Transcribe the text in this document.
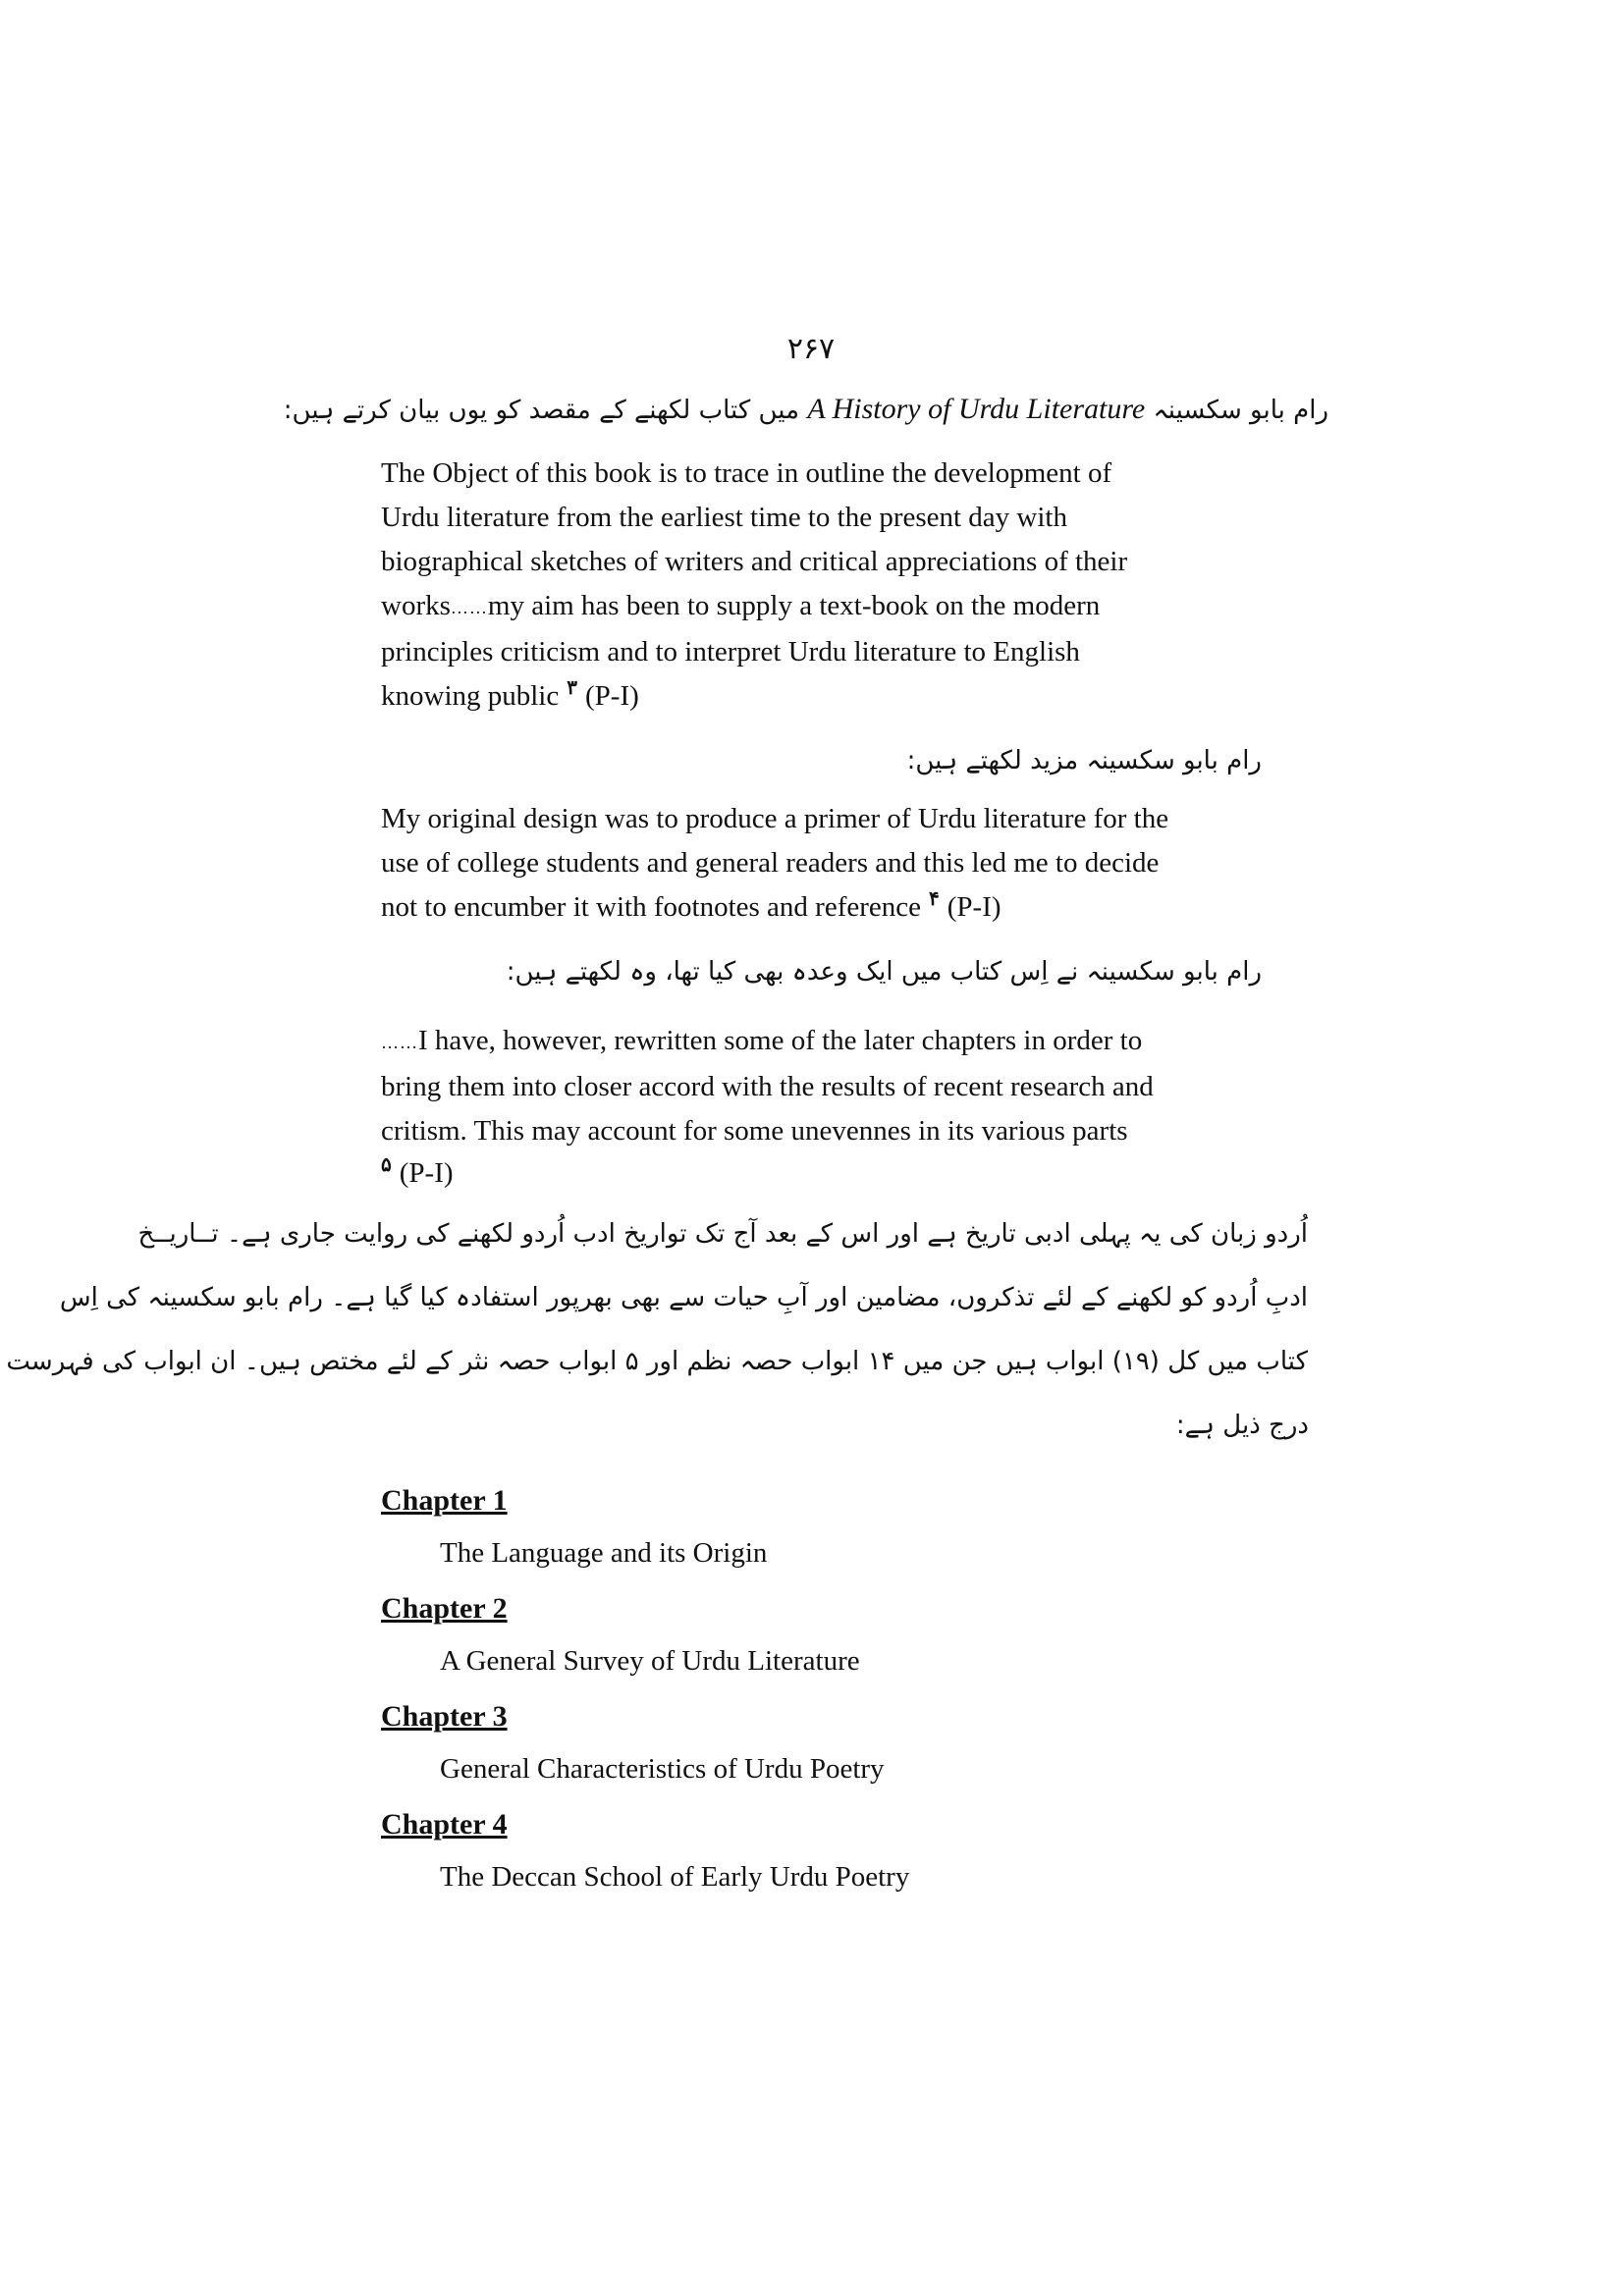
۲۶۷
رام بابو سکسینہ A History of Urdu Literature میں کتاب لکھنے کے مقصد کو یوں بیان کرتے ہیں:

The Object of this book is to trace in outline the development of

Urdu literature from the earliest time to the present day with

biographical sketches of writers and critical appreciations of their

works……my aim has been to supply a text-book on the modern

principles criticism and to interpret Urdu literature to English

knowing public $^۳$ (P-I)

رام بابو سکسینہ مزید لکھتے ہیں:

My original design was to produce a primer of Urdu literature for the

use of college students and general readers and this led me to decide

not to encumber it with footnotes and reference $^۴$ (P-I)

رام بابو سکسینہ نے اِس کتاب میں ایک وعدہ بھی کیا تھا، وہ لکھتے ہیں:

……I have, however, rewritten some of the later chapters in order to

bring them into closer accord with the results of recent research and

critism. This may account for some unevennes in its various parts

$^۵$ (P-I)

اُردو زبان کی یہ پہلی ادبی تاریخ ہے اور اس کے بعد آج تک تواریخ ادب اُردو لکھنے کی روایت جاری ہے۔ تــاریــخ
ادبِ اُردو کو لکھنے کے لئے تذکروں، مضامین اور آبِ حیات سے بھی بھرپور استفادہ کیا گیا ہے۔ رام بابو سکسینہ کی اِس
کتاب میں کل (۱۹) ابواب ہیں جن میں ۱۴ ابواب حصہ نظم اور ۵ ابواب حصہ نثر کے لئے مختص ہیں۔ ان ابواب کی فہرست
درج ذیل ہے:
Chapter 1
The Language and its Origin
Chapter 2
A General Survey of Urdu Literature
Chapter 3
General Characteristics of Urdu Poetry
Chapter 4
The Deccan School of Early Urdu Poetry
